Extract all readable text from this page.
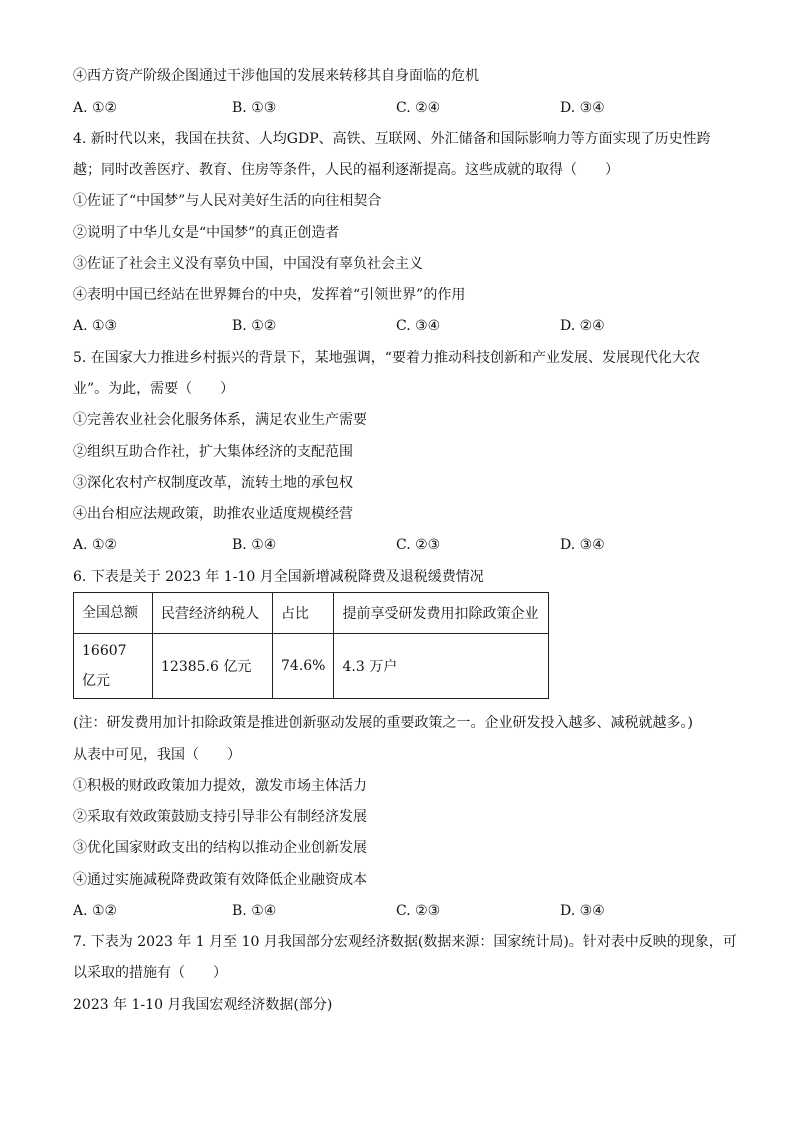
④西方资产阶级企图通过干涉他国的发展来转移其自身面临的危机
A. ①②	B. ①③	C. ②④	D. ③④
4. 新时代以来，我国在扶贫、人均GDP、高铁、互联网、外汇储备和国际影响力等方面实现了历史性跨
越；同时改善医疗、教育、住房等条件，人民的福利逐渐提高。这些成就的取得（　　）
①佐证了“中国梦”与人民对美好生活的向往相契合
②说明了中华儿女是“中国梦”的真正创造者
③佐证了社会主义没有辜负中国，中国没有辜负社会主义
④表明中国已经站在世界舞台的中央，发挥着“引领世界”的作用
A. ①③	B. ①②	C. ③④	D. ②④
5. 在国家大力推进乡村振兴的背景下，某地强调，“要着力推动科技创新和产业发展、发展现代化大农
业”。为此，需要（　　）
①完善农业社会化服务体系，满足农业生产需要
②组织互助合作社，扩大集体经济的支配范围
③深化农村产权制度改革，流转土地的承包权
④出台相应法规政策，助推农业适度规模经营
A. ①②	B. ①④	C. ②③	D. ③④
6. 下表是关于 2023 年 1-10 月全国新增减税降费及退税缓费情况
全国总额	民营经济纳税人	占比	提前享受研发费用扣除政策企业
16607 亿元	12385.6 亿元	74.6%	4.3 万户
(注：研发费用加计扣除政策是推进创新驱动发展的重要政策之一。企业研发投入越多、减税就越多。)
从表中可见，我国（　　）
①积极的财政政策加力提效，激发市场主体活力
②采取有效政策鼓励支持引导非公有制经济发展
③优化国家财政支出的结构以推动企业创新发展
④通过实施减税降费政策有效降低企业融资成本
A. ①②	B. ①④	C. ②③	D. ③④
7. 下表为 2023 年 1 月至 10 月我国部分宏观经济数据(数据来源：国家统计局)。针对表中反映的现象，可
以采取的措施有（　　）
2023 年 1-10 月我国宏观经济数据(部分)
